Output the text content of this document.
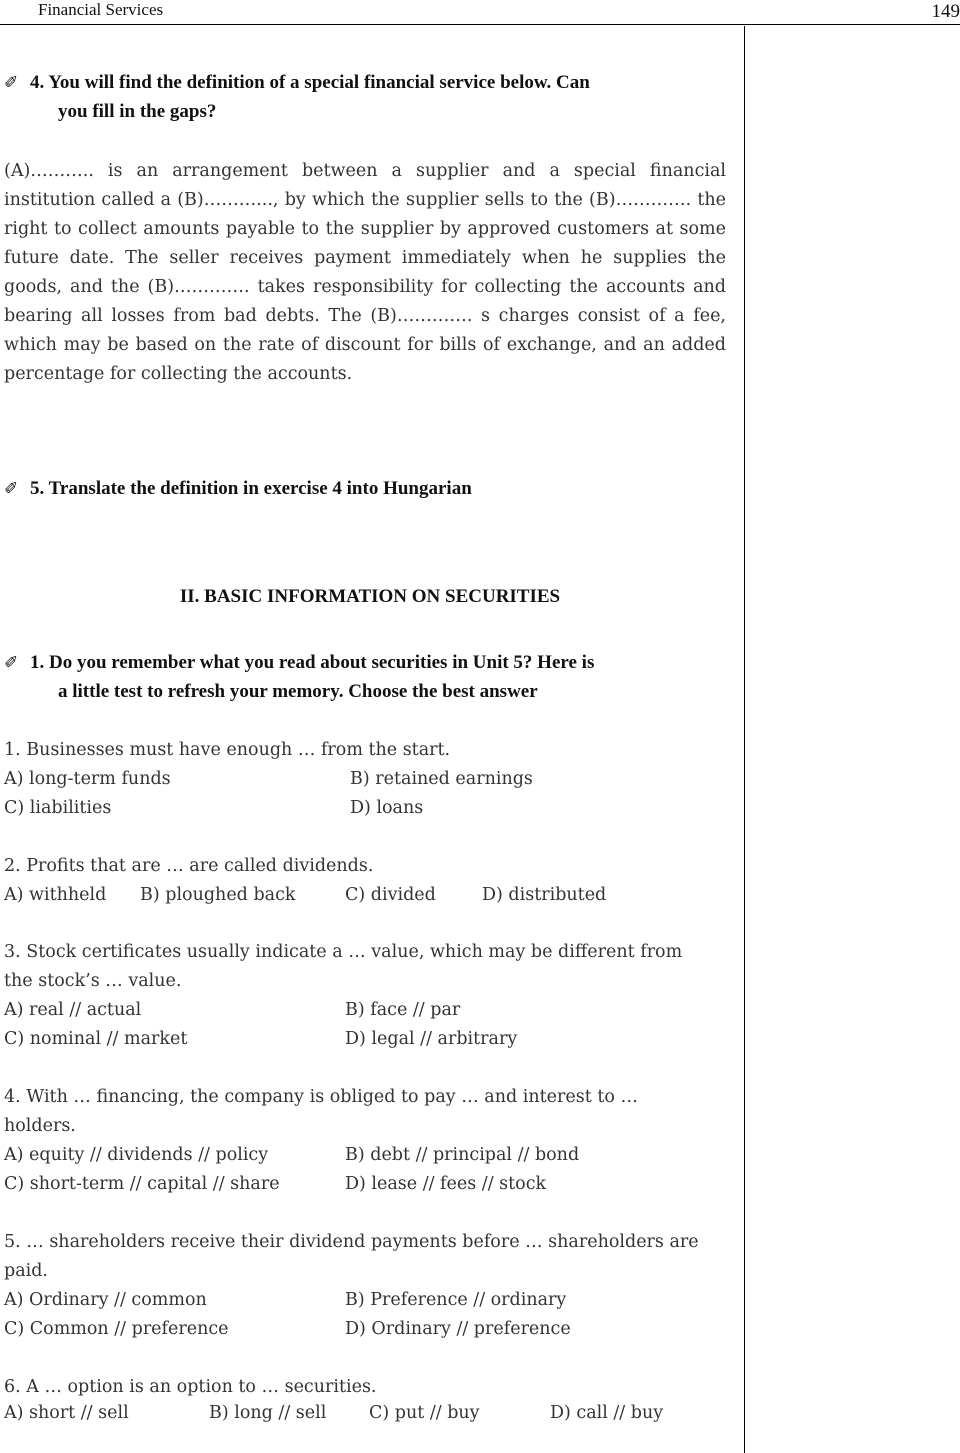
Financial Services	149
✐ 4. You will find the definition of a special financial service below. Can
you fill in the gaps?
(A)……….. is an arrangement between a supplier and a special financial institution called a (B)………..., by which the supplier sells to the (B)…………. the right to collect amounts payable to the supplier by approved customers at some future date. The seller receives payment immediately when he supplies the goods, and the (B)…………. takes responsibility for collecting the accounts and bearing all losses from bad debts. The (B)…………. s charges consist of a fee, which may be based on the rate of discount for bills of exchange, and an added percentage for collecting the accounts.
✐ 5. Translate the definition in exercise 4 into Hungarian
II. BASIC INFORMATION ON SECURITIES
✐ 1. Do you remember what you read about securities in Unit 5? Here is
a little test to refresh your memory. Choose the best answer
1. Businesses must have enough … from the start.
A) long-term funds	B) retained earnings
C) liabilities	D) loans
2. Profits that are … are called dividends.
A) withheld B) ploughed back	C) divided	D) distributed
3. Stock certificates usually indicate a … value, which may be different from
the stock’s … value.
A) real // actual	B) face // par
C) nominal // market	D) legal // arbitrary
4. With … financing, the company is obliged to pay … and interest to …
holders.
A) equity // dividends // policy	B) debt // principal // bond
C) short-term // capital // share	D) lease // fees // stock
5. … shareholders receive their dividend payments before … shareholders are
paid.
A) Ordinary // common	B) Preference // ordinary
C) Common // preference	D) Ordinary // preference
6. A … option is an option to … securities.
A) short // sell	B) long // sell C) put // buy	D) call // buy
